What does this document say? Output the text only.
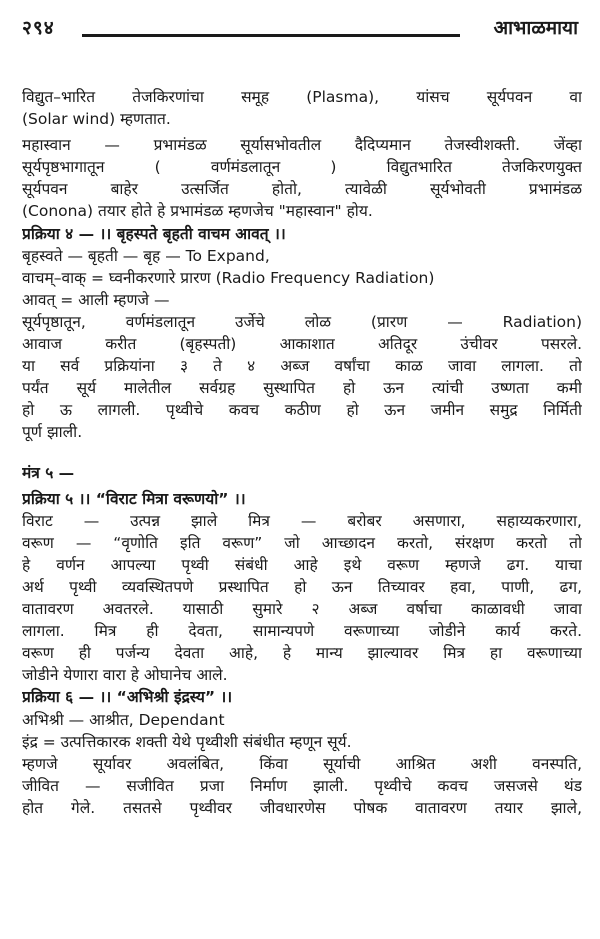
२९४	आभाळमाया

विद्युत–भारित तेजकिरणांचा समूह (Plasma), यांसच सूर्यपवन वा

(Solar wind) म्हणतात.

महास्वान — प्रभामंडळ सूर्यासभोवतील दैदिप्यमान तेजस्वीशक्ती. जेंव्हा

सूर्यपृष्ठभागातून ( वर्णमंडलातून ) विद्युतभारित तेजकिरणयुक्त

सूर्यपवन बाहेर उत्सर्जित होतो, त्यावेळी सूर्यभोवती प्रभामंडळ

(Conona) तयार होते हे प्रभामंडळ म्हणजेच "महास्वान" होय.

प्रक्रिया ४ — ।। बृहस्पते बृहती वाचम आवत् ।।

बृहस्वते — बृहती — बृह — To Expand,

वाचम्–वाक् = घ्वनीकरणारे प्रारण (Radio Frequency Radiation)

आवत् = आली म्हणजे —

सूर्यपृष्ठातून, वर्णमंडलातून उर्जेचे लोळ (प्रारण — Radiation)

आवाज करीत (बृहस्पती) आकाशात अतिदूर उंचीवर पसरले.

या सर्व प्रक्रियांना ३ ते ४ अब्ज वर्षांचा काळ जावा लागला. तो

पर्यंत सूर्य मालेतील सर्वग्रह सुस्थापित हो ऊन त्यांची उष्णता कमी

हो ऊ लागली. पृथ्वीचे कवच कठीण हो ऊन जमीन समुद्र निर्मिती

पूर्ण झाली.

मंत्र ५ —

प्रक्रिया ५ ।। “विराट मित्रा वरूणयो” ।।

विराट — उत्पन्न झाले मित्र — बरोबर असणारा, सहाय्यकरणारा,

वरूण — “वृणोति इति वरूण” जो आच्छादन करतो, संरक्षण करतो तो

हे वर्णन आपल्या पृथ्वी संबंधी आहे इथे वरूण म्हणजे ढग. याचा

अर्थ पृथ्वी व्यवस्थितपणे प्रस्थापित हो ऊन तिच्यावर हवा, पाणी, ढग,

वातावरण अवतरले. यासाठी सुमारे २ अब्ज वर्षाचा काळावधी जावा

लागला. मित्र ही देवता, सामान्यपणे वरूणाच्या जोडीने कार्य करते.

वरूण ही पर्जन्य देवता आहे, हे मान्य झाल्यावर मित्र हा वरूणाच्या

जोडीने येणारा वारा हे ओघानेच आले.

प्रक्रिया ६ — ।। “अभिश्री इंद्रस्य” ।।

अभिश्री — आश्रीत, Dependant

इंद्र = उत्पत्तिकारक शक्ती येथे पृथ्वीशी संबंधीत म्हणून सूर्य.

म्हणजे सूर्यावर अवलंबित, किंवा सूर्याची आश्रित अशी वनस्पति,

जीवित — सजीवित प्रजा निर्माण झाली. पृथ्वीचे कवच जसजसे थंड

होत गेले. तसतसे पृथ्वीवर जीवधारणेस पोषक वातावरण तयार झाले,
